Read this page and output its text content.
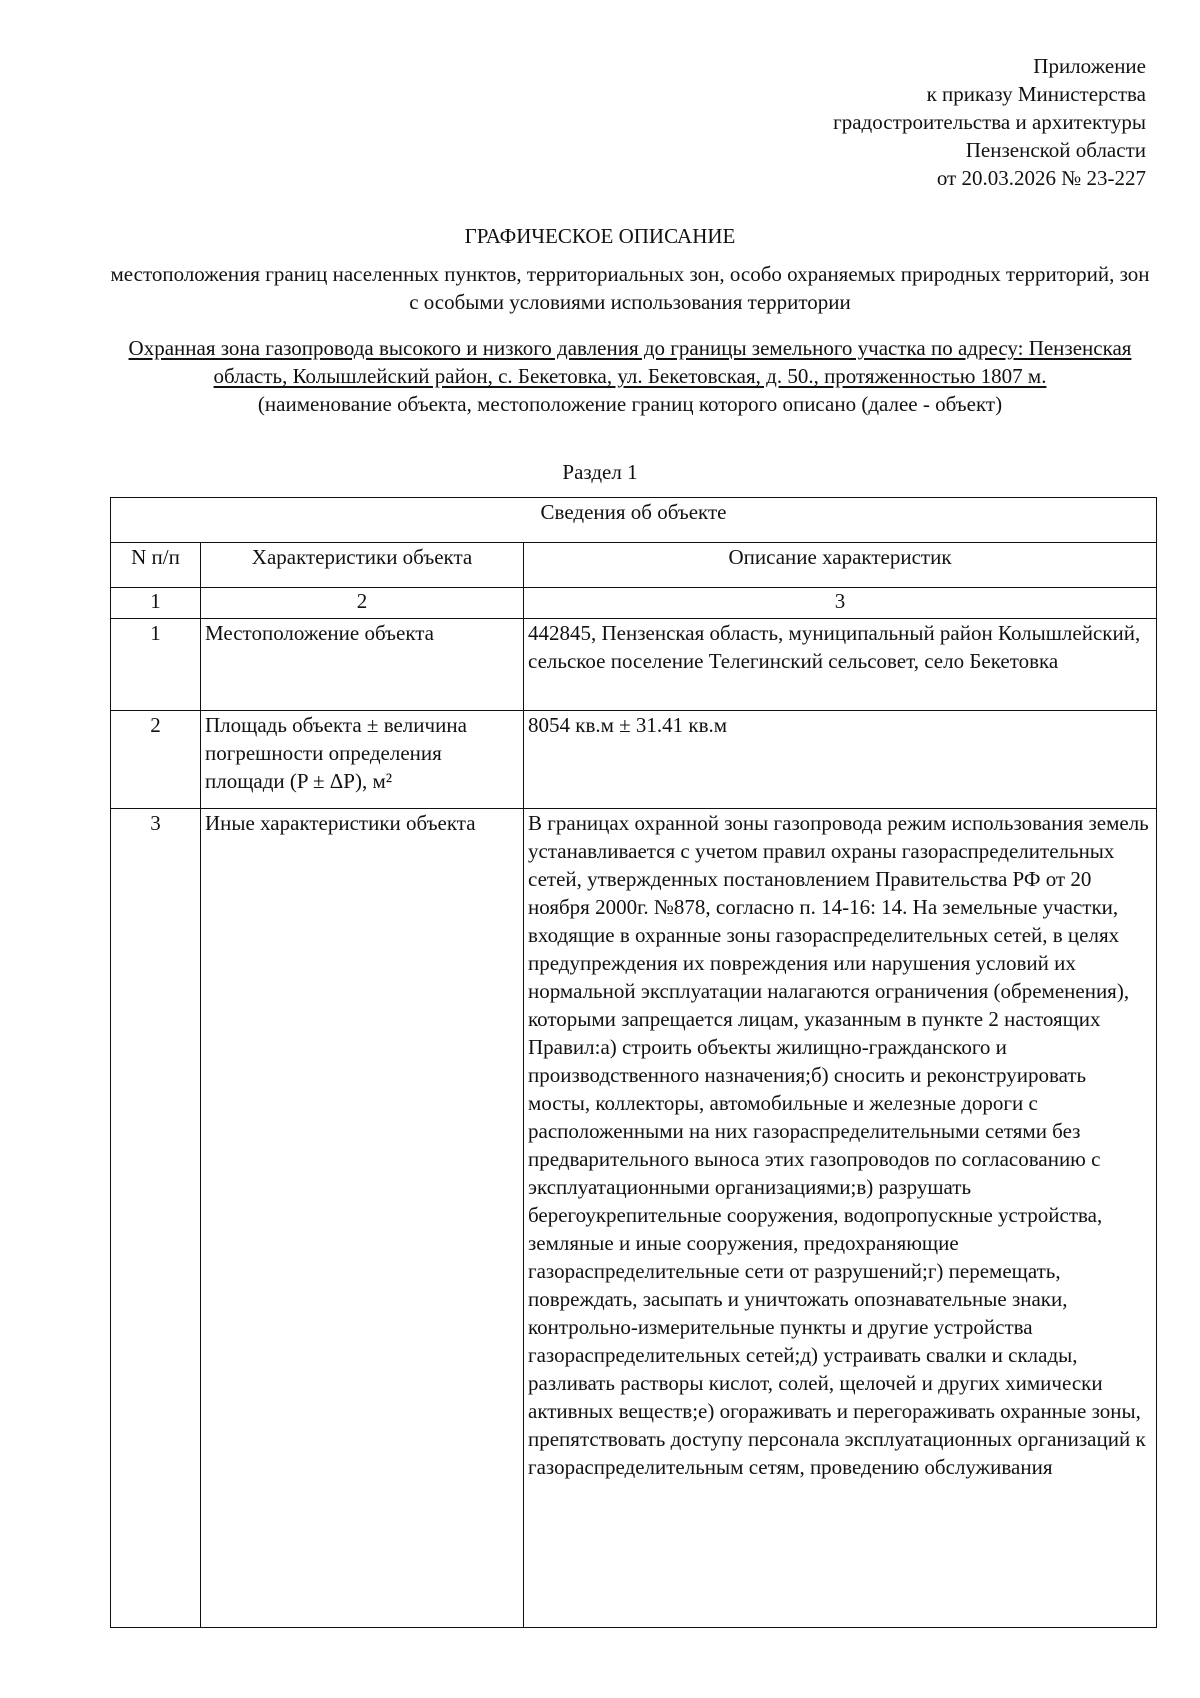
Приложение
к приказу Министерства
градостроительства и архитектуры
Пензенской области
от 20.03.2026 № 23-227
ГРАФИЧЕСКОЕ ОПИСАНИЕ
местоположения границ населенных пунктов, территориальных зон, особо охраняемых природных территорий, зон с особыми условиями использования территории
Охранная зона газопровода высокого и низкого давления до границы земельного участка по адресу: Пензенская область, Колышлейский район, с. Бекетовка, ул. Бекетовская, д. 50., протяженностью 1807 м.
(наименование объекта, местоположение границ которого описано (далее - объект)
Раздел 1
Сведения об объекте		
N п/п	Характеристики объекта	Описание характеристик
1	2	3
1	Местоположение объекта	442845, Пензенская область, муниципальный район Колышлейский, сельское поселение Телегинский сельсовет, село Бекетовка
2	Площадь объекта ± величина погрешности определения площади (P ± ΔP), м²	8054 кв.м ± 31.41 кв.м
3	Иные характеристики объекта	В границах охранной зоны газопровода режим использования земель устанавливается с учетом правил охраны газораспределительных сетей, утвержденных постановлением Правительства РФ от 20 ноября 2000г. №878, согласно п. 14-16: 14. На земельные участки, входящие в охранные зоны газораспределительных сетей, в целях предупреждения их повреждения или нарушения условий их нормальной эксплуатации налагаются ограничения (обременения), которыми запрещается лицам, указанным в пункте 2 настоящих Правил:а) строить объекты жилищно-гражданского и производственного назначения;б) сносить и реконструировать мосты, коллекторы, автомобильные и железные дороги с расположенными на них газораспределительными сетями без предварительного выноса этих газопроводов по согласованию с эксплуатационными организациями;в) разрушать берегоукрепительные сооружения, водопропускные устройства, земляные и иные сооружения, предохраняющие газораспределительные сети от разрушений;г) перемещать, повреждать, засыпать и уничтожать опознавательные знаки, контрольно-измерительные пункты и другие устройства газораспределительных сетей;д) устраивать свалки и склады, разливать растворы кислот, солей, щелочей и других химически активных веществ;е) огораживать и перегораживать охранные зоны, препятствовать доступу персонала эксплуатационных организаций к газораспределительным сетям, проведению обслуживания
